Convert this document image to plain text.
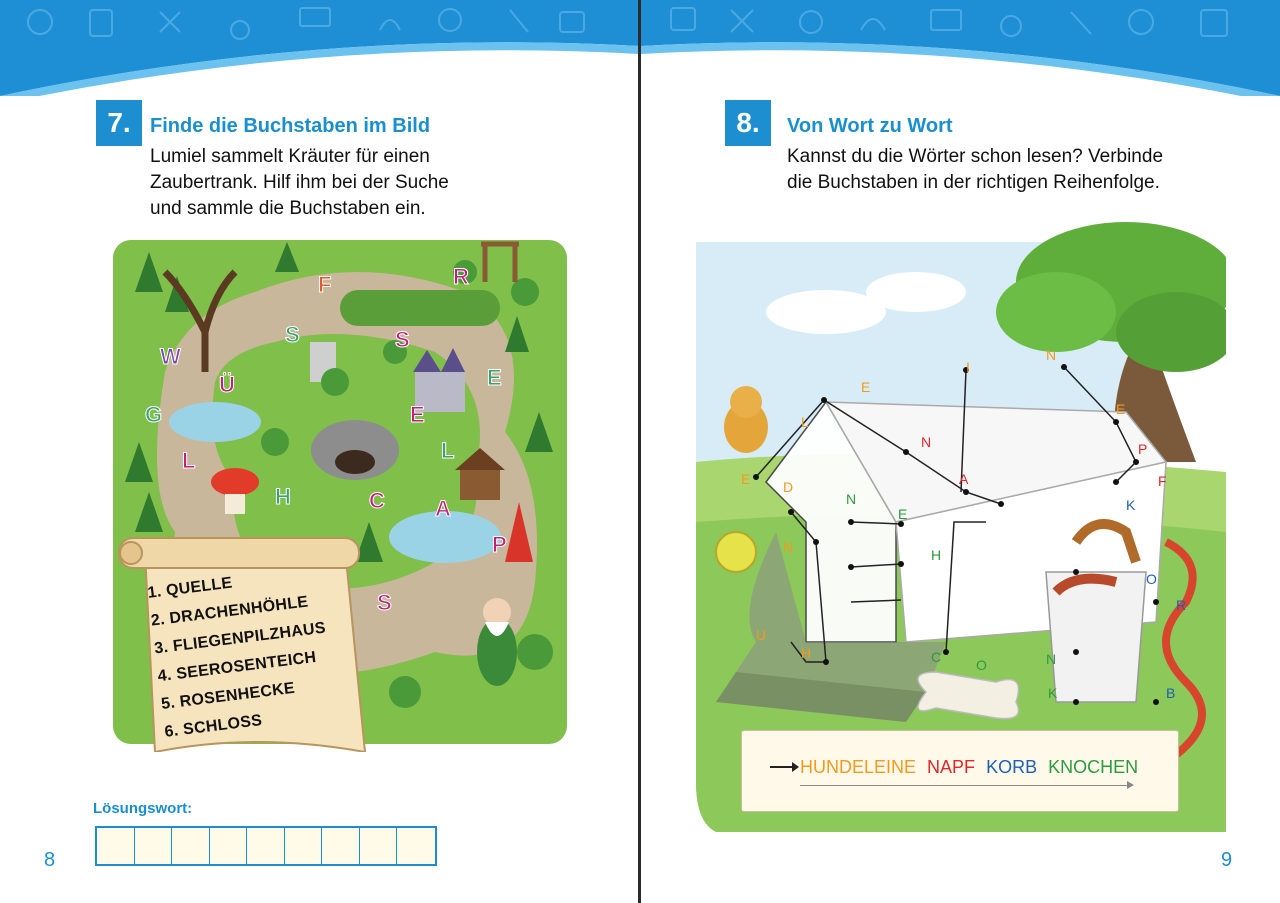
7. Finde die Buchstaben im Bild
Lumiel sammelt Kräuter für einen
Zaubertrank. Hilf ihm bei der Suche
und sammle die Buchstaben ein.
R
F
S	S
W
Ü	E
G	E
L
L
H	C A
P
S
1. QUELLE
2. DRACHENHÖHLE
3. FLIEGENPILZHAUS
4. SEEROSENTEICH
5. ROSENHECKE
6. SCHLOSS
Lösungswort:
8
8.	Von Wort zu Wort
Kannst du die Wörter schon lesen? Verbinde
die Buchstaben in der richtigen Reihenfolge.
I
N
E
L
E
N	P
A	F
K
D
E
N
E
N	H
O
R
U
H	C O	N
K	B
HUNDELEINE NAPF KORB KNOCHEN
9
